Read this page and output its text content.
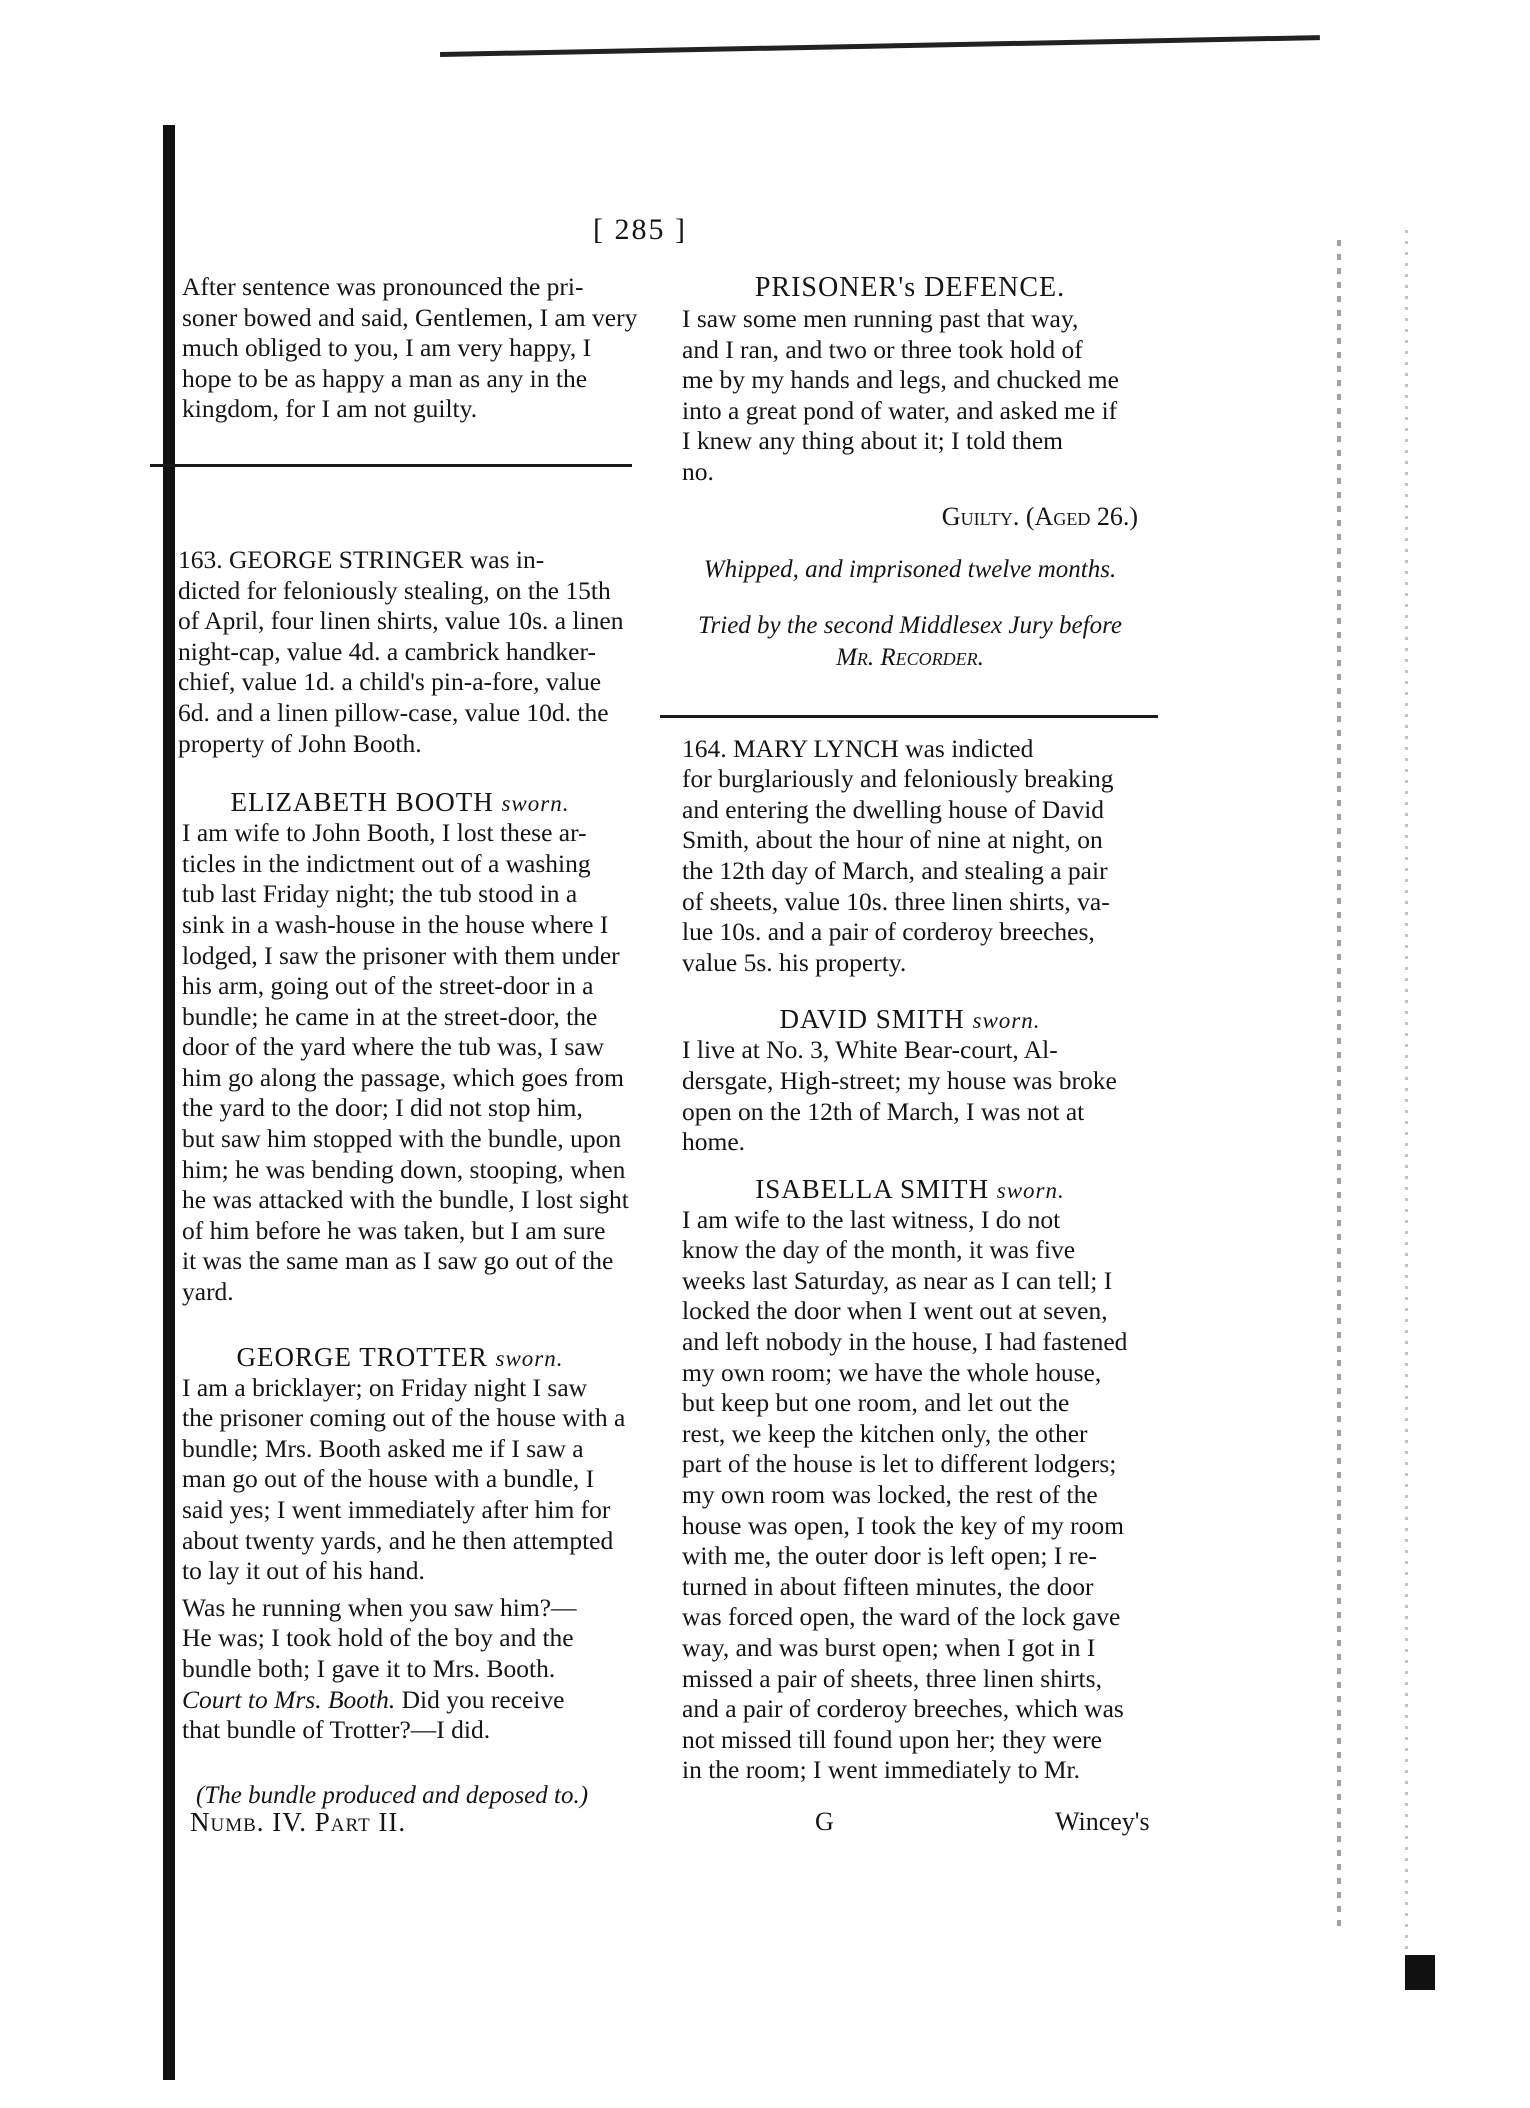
[ 285 ]

After sentence was pronounced the pri-
soner bowed and said, Gentlemen, I am very
much obliged to you, I am very happy, I
hope to be as happy a man as any in the
kingdom, for I am not guilty.

163. GEORGE STRINGER was in-
dicted for feloniously stealing, on the 15th
of April, four linen shirts, value 10s. a linen
night-cap, value 4d. a cambrick handker-
chief, value 1d. a child's pin-a-fore, value
6d. and a linen pillow-case, value 10d. the
property of John Booth.

ELIZABETH BOOTH sworn.

I am wife to John Booth, I lost these ar-
ticles in the indictment out of a washing
tub last Friday night; the tub stood in a
sink in a wash-house in the house where I
lodged, I saw the prisoner with them under
his arm, going out of the street-door in a
bundle; he came in at the street-door, the
door of the yard where the tub was, I saw
him go along the passage, which goes from
the yard to the door; I did not stop him,
but saw him stopped with the bundle, upon
him; he was bending down, stooping, when
he was attacked with the bundle, I lost sight
of him before he was taken, but I am sure
it was the same man as I saw go out of the
yard.

GEORGE TROTTER sworn.

I am a bricklayer; on Friday night I saw
the prisoner coming out of the house with a
bundle; Mrs. Booth asked me if I saw a
man go out of the house with a bundle, I
said yes; I went immediately after him for
about twenty yards, and he then attempted
to lay it out of his hand.

Was he running when you saw him?—
He was; I took hold of the boy and the
bundle both; I gave it to Mrs. Booth.

Court to Mrs. Booth. Did you receive
that bundle of Trotter?—I did.

(The bundle produced and deposed to.)

PRISONER's DEFENCE.

I saw some men running past that way,
and I ran, and two or three took hold of
me by my hands and legs, and chucked me
into a great pond of water, and asked me if
I knew any thing about it; I told them
no.

Guilty. (Aged 26.)

Whipped, and imprisoned twelve months.

Tried by the second Middlesex Jury before
Mr. Recorder.

164. MARY LYNCH was indicted
for burglariously and feloniously breaking
and entering the dwelling house of David
Smith, about the hour of nine at night, on
the 12th day of March, and stealing a pair
of sheets, value 10s. three linen shirts, va-
lue 10s. and a pair of corderoy breeches,
value 5s. his property.

DAVID SMITH sworn.

I live at No. 3, White Bear-court, Al-
dersgate, High-street; my house was broke
open on the 12th of March, I was not at
home.

ISABELLA SMITH sworn.

I am wife to the last witness, I do not
know the day of the month, it was five
weeks last Saturday, as near as I can tell; I
locked the door when I went out at seven,
and left nobody in the house, I had fastened
my own room; we have the whole house,
but keep but one room, and let out the
rest, we keep the kitchen only, the other
part of the house is let to different lodgers;
my own room was locked, the rest of the
house was open, I took the key of my room
with me, the outer door is left open; I re-
turned in about fifteen minutes, the door
was forced open, the ward of the lock gave
way, and was burst open; when I got in I
missed a pair of sheets, three linen shirts,
and a pair of corderoy breeches, which was
not missed till found upon her; they were
in the room; I went immediately to Mr.

Numb. IV. Part II.	G	Wincey's
